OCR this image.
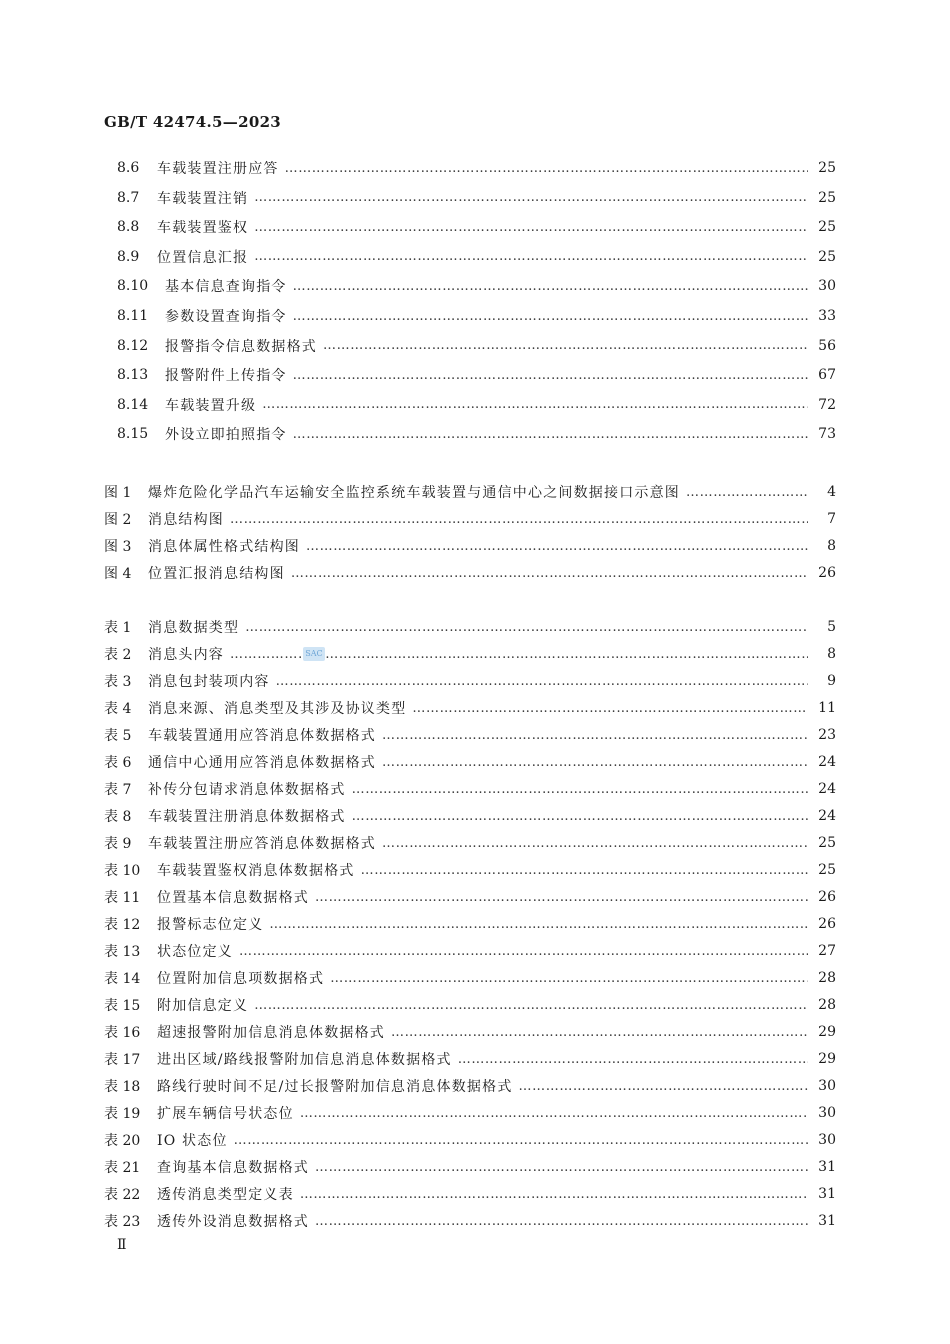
GB/T 42474.5—2023
8.6	车载装置注册应答 ……………………………………………………………………………………………………………………………………………………………………………………………………………………	25
8.7	车载装置注销 ……………………………………………………………………………………………………………………………………………………………………………………………………………………	25
8.8	车载装置鉴权 ……………………………………………………………………………………………………………………………………………………………………………………………………………………	25
8.9	位置信息汇报 ……………………………………………………………………………………………………………………………………………………………………………………………………………………	25
8.10	基本信息查询指令 ……………………………………………………………………………………………………………………………………………………………………………………………………………………	30
8.11	参数设置查询指令 ……………………………………………………………………………………………………………………………………………………………………………………………………………………	33
8.12	报警指令信息数据格式 ……………………………………………………………………………………………………………………………………………………………………………………………………………………	56
8.13	报警附件上传指令 ……………………………………………………………………………………………………………………………………………………………………………………………………………………	67
8.14	车载装置升级 ……………………………………………………………………………………………………………………………………………………………………………………………………………………	72
8.15	外设立即拍照指令 ……………………………………………………………………………………………………………………………………………………………………………………………………………………	73
图 1	爆炸危险化学品汽车运输安全监控系统车载装置与通信中心之间数据接口示意图 ……………………………………………………………………………………………………………………………………………………………………………………………………………………	4
图 2	消息结构图 ……………………………………………………………………………………………………………………………………………………………………………………………………………………	7
图 3	消息体属性格式结构图 ……………………………………………………………………………………………………………………………………………………………………………………………………………………	8
图 4	位置汇报消息结构图 ……………………………………………………………………………………………………………………………………………………………………………………………………………………	26
表 1	消息数据类型 ……………………………………………………………………………………………………………………………………………………………………………………………………………………	5
表 2	消息头内容 ……………………………………………………………………………………………………………………………………………………………………………………………………………………	8
表 3	消息包封装项内容 ……………………………………………………………………………………………………………………………………………………………………………………………………………………	9
表 4	消息来源、消息类型及其涉及协议类型 ……………………………………………………………………………………………………………………………………………………………………………………………………………………	11
表 5	车载装置通用应答消息体数据格式 ……………………………………………………………………………………………………………………………………………………………………………………………………………………	23
表 6	通信中心通用应答消息体数据格式 ……………………………………………………………………………………………………………………………………………………………………………………………………………………	24
表 7	补传分包请求消息体数据格式 ……………………………………………………………………………………………………………………………………………………………………………………………………………………	24
表 8	车载装置注册消息体数据格式 ……………………………………………………………………………………………………………………………………………………………………………………………………………………	24
表 9	车载装置注册应答消息体数据格式 ……………………………………………………………………………………………………………………………………………………………………………………………………………………	25
表 10	车载装置鉴权消息体数据格式 ……………………………………………………………………………………………………………………………………………………………………………………………………………………	25
表 11	位置基本信息数据格式 ……………………………………………………………………………………………………………………………………………………………………………………………………………………	26
表 12	报警标志位定义 ……………………………………………………………………………………………………………………………………………………………………………………………………………………	26
表 13	状态位定义 ……………………………………………………………………………………………………………………………………………………………………………………………………………………	27
表 14	位置附加信息项数据格式 ……………………………………………………………………………………………………………………………………………………………………………………………………………………	28
表 15	附加信息定义 ……………………………………………………………………………………………………………………………………………………………………………………………………………………	28
表 16	超速报警附加信息消息体数据格式 ……………………………………………………………………………………………………………………………………………………………………………………………………………………	29
表 17	进出区域/路线报警附加信息消息体数据格式 ……………………………………………………………………………………………………………………………………………………………………………………………………………………	29
表 18	路线行驶时间不足/过长报警附加信息消息体数据格式 ……………………………………………………………………………………………………………………………………………………………………………………………………………………	30
表 19	扩展车辆信号状态位 ……………………………………………………………………………………………………………………………………………………………………………………………………………………	30
表 20	IO 状态位 ……………………………………………………………………………………………………………………………………………………………………………………………………………………	30
表 21	查询基本信息数据格式 ……………………………………………………………………………………………………………………………………………………………………………………………………………………	31
表 22	透传消息类型定义表 ……………………………………………………………………………………………………………………………………………………………………………………………………………………	31
表 23	透传外设消息数据格式 ……………………………………………………………………………………………………………………………………………………………………………………………………………………	31
SAC
Ⅱ
